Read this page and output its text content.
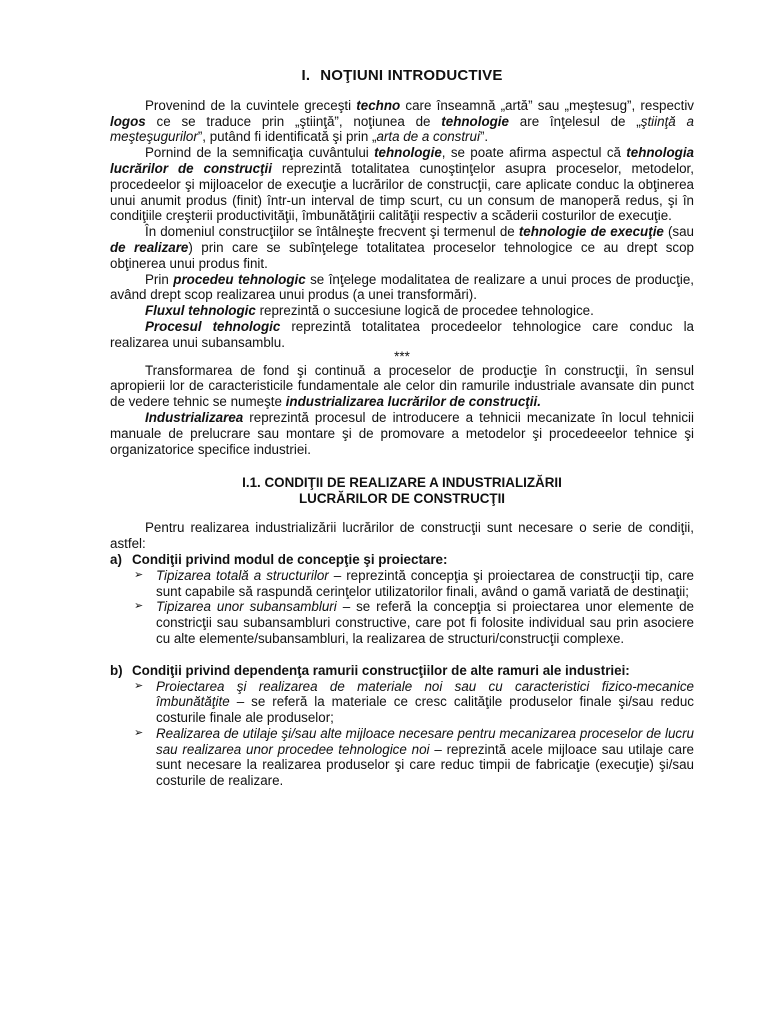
I. NOŢIUNI INTRODUCTIVE

Provenind de la cuvintele greceşti techno care înseamnă „artă” sau „meştesug”, respectiv logos ce se traduce prin „ştiinţă”, noţiunea de tehnologie are înţelesul de „ştiinţă a meşteşugurilor”, putând fi identificată şi prin „arta de a construi”.

Pornind de la semnificaţia cuvântului tehnologie, se poate afirma aspectul că tehnologia lucrărilor de construcţii reprezintă totalitatea cunoştinţelor asupra proceselor, metodelor, procedeelor şi mijloacelor de execuţie a lucrărilor de construcţii, care aplicate conduc la obţinerea unui anumit produs (finit) într-un interval de timp scurt, cu un consum de manoperă redus, şi în condiţiile creşterii productivităţii, îmbunătăţirii calităţii respectiv a scăderii costurilor de execuţie.

În domeniul construcţiilor se întâlneşte frecvent şi termenul de tehnologie de execuţie (sau de realizare) prin care se subînţelege totalitatea proceselor tehnologice ce au drept scop obţinerea unui produs finit.

Prin procedeu tehnologic se înţelege modalitatea de realizare a unui proces de producţie, având drept scop realizarea unui produs (a unei transformări).

Fluxul tehnologic reprezintă o succesiune logică de procedee tehnologice.

Procesul tehnologic reprezintă totalitatea procedeelor tehnologice care conduc la realizarea unui subansamblu.

***

Transformarea de fond şi continuă a proceselor de producţie în construcţii, în sensul apropierii lor de caracteristicile fundamentale ale celor din ramurile industriale avansate din punct de vedere tehnic se numeşte industrializarea lucrărilor de construcţii.

Industrializarea reprezintă procesul de introducere a tehnicii mecanizate în locul tehnicii manuale de prelucrare sau montare şi de promovare a metodelor şi procedeeelor tehnice şi organizatorice specifice industriei.

I.1. CONDIŢII DE REALIZARE A INDUSTRIALIZĂRII
LUCRĂRILOR DE CONSTRUCŢII

Pentru realizarea industrializării lucrărilor de construcţii sunt necesare o serie de condiţii, astfel:

a) Condiţii privind modul de concepţie şi proiectare:
➢ Tipizarea totală a structurilor – reprezintă concepţia şi proiectarea de construcţii tip, care sunt capabile să raspundă cerinţelor utilizatorilor finali, având o gamă variată de destinaţii;
➢ Tipizarea unor subansambluri – se referă la concepţia si proiectarea unor elemente de constricţii sau subansambluri constructive, care pot fi folosite individual sau prin asociere cu alte elemente/subansambluri, la realizarea de structuri/construcţii complexe.
b) Condiţii privind dependenţa ramurii construcţiilor de alte ramuri ale industriei:
➢ Proiectarea şi realizarea de materiale noi sau cu caracteristici fizico-mecanice îmbunătăţite – se referă la materiale ce cresc calităţile produselor finale şi/sau reduc costurile finale ale produselor;
➢ Realizarea de utilaje şi/sau alte mijloace necesare pentru mecanizarea proceselor de lucru sau realizarea unor procedee tehnologice noi – reprezintă acele mijloace sau utilaje care sunt necesare la realizarea produselor şi care reduc timpii de fabricaţie (execuţie) şi/sau costurile de realizare.
